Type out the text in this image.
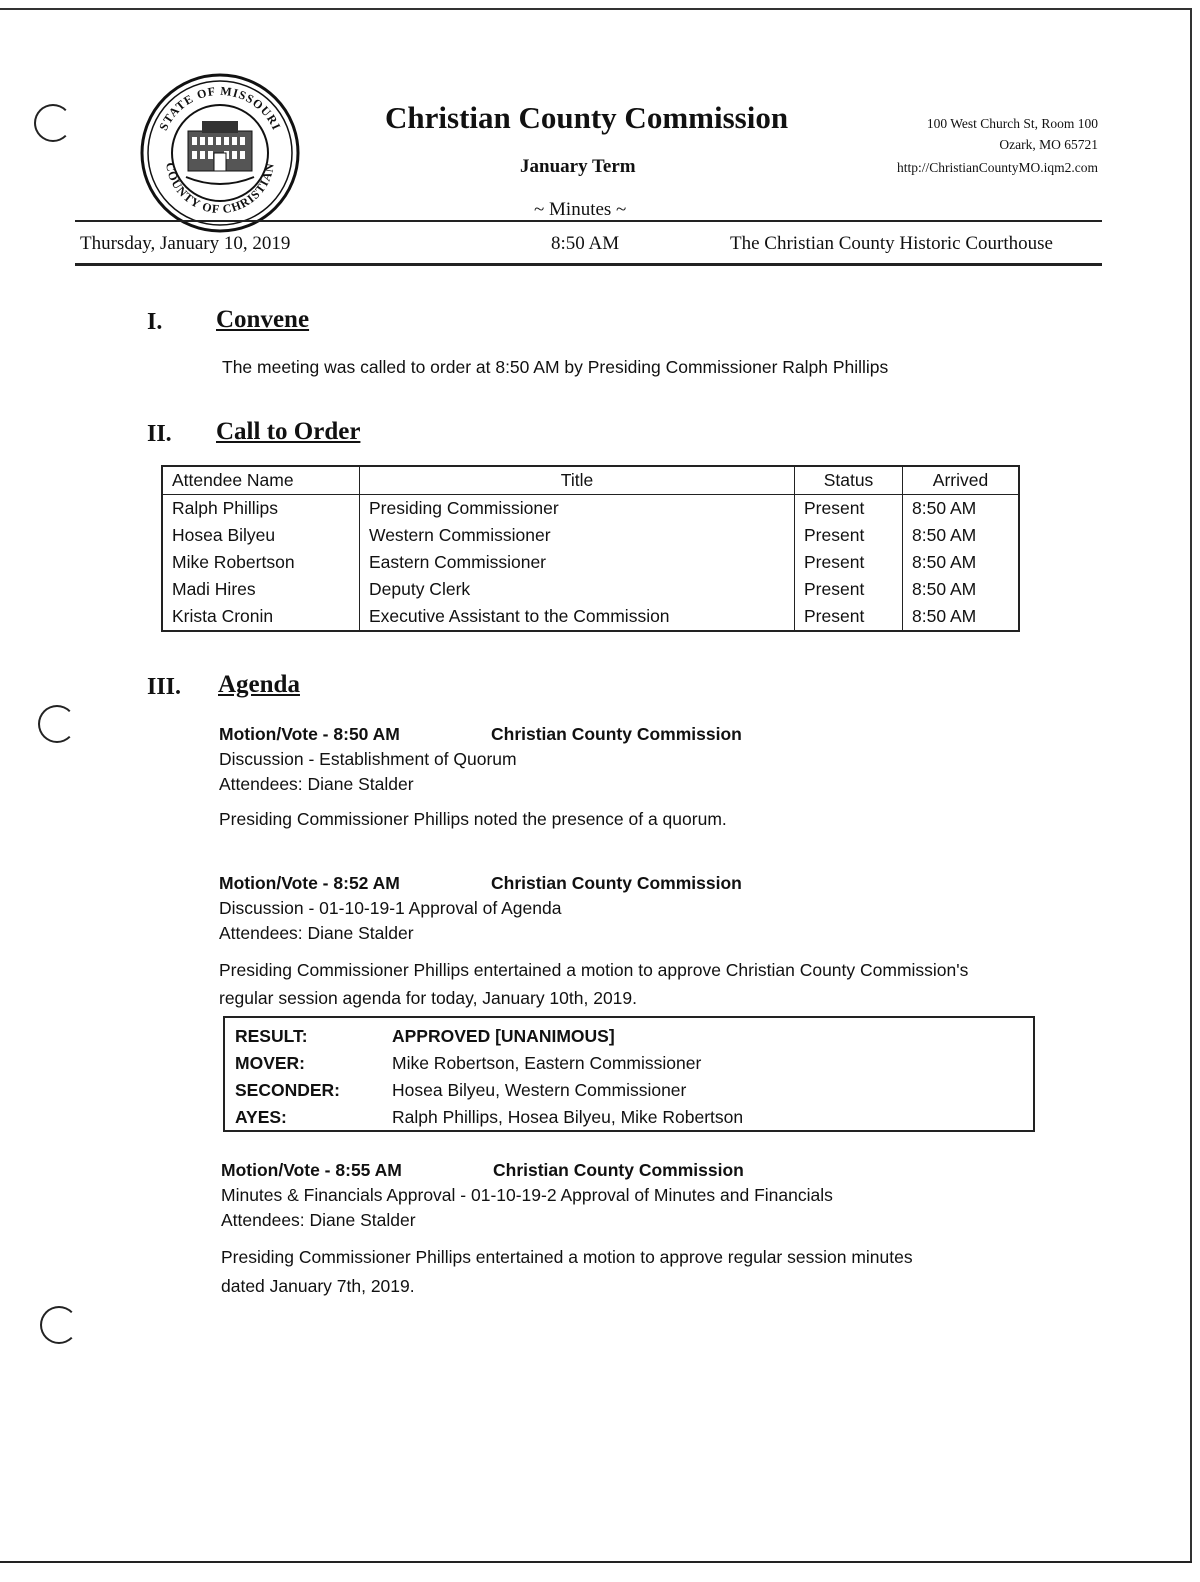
STATE OF MISSOURI
COUNTY OF CHRISTIAN
Christian County Commission
January Term
~ Minutes ~
100 West Church St, Room 100
Ozark, MO 65721
http://ChristianCountyMO.iqm2.com
Thursday, January 10, 2019	8:50 AM	The Christian County Historic Courthouse
I. Convene
The meeting was called to order at 8:50 AM by Presiding Commissioner Ralph Phillips
II. Call to Order
Attendee Name	Title	Status	Arrived
Ralph Phillips	Presiding Commissioner	Present	8:50 AM
Hosea Bilyeu	Western Commissioner	Present	8:50 AM
Mike Robertson	Eastern Commissioner	Present	8:50 AM
Madi Hires	Deputy Clerk	Present	8:50 AM
Krista Cronin	Executive Assistant to the Commission	Present	8:50 AM
III. Agenda
Motion/Vote - 8:50 AM	Christian County Commission
Discussion - Establishment of Quorum
Attendees: Diane Stalder
Presiding Commissioner Phillips noted the presence of a quorum.
Motion/Vote - 8:52 AM	Christian County Commission
Discussion - 01-10-19-1 Approval of Agenda
Attendees: Diane Stalder
Presiding Commissioner Phillips entertained a motion to approve Christian County Commission's
regular session agenda for today, January 10th, 2019.
RESULT:	APPROVED [UNANIMOUS]
MOVER:	Mike Robertson, Eastern Commissioner
SECONDER:	Hosea Bilyeu, Western Commissioner
AYES:	Ralph Phillips, Hosea Bilyeu, Mike Robertson
Motion/Vote - 8:55 AM	Christian County Commission
Minutes & Financials Approval - 01-10-19-2 Approval of Minutes and Financials
Attendees: Diane Stalder
Presiding Commissioner Phillips entertained a motion to approve regular session minutes
dated January 7th, 2019.
